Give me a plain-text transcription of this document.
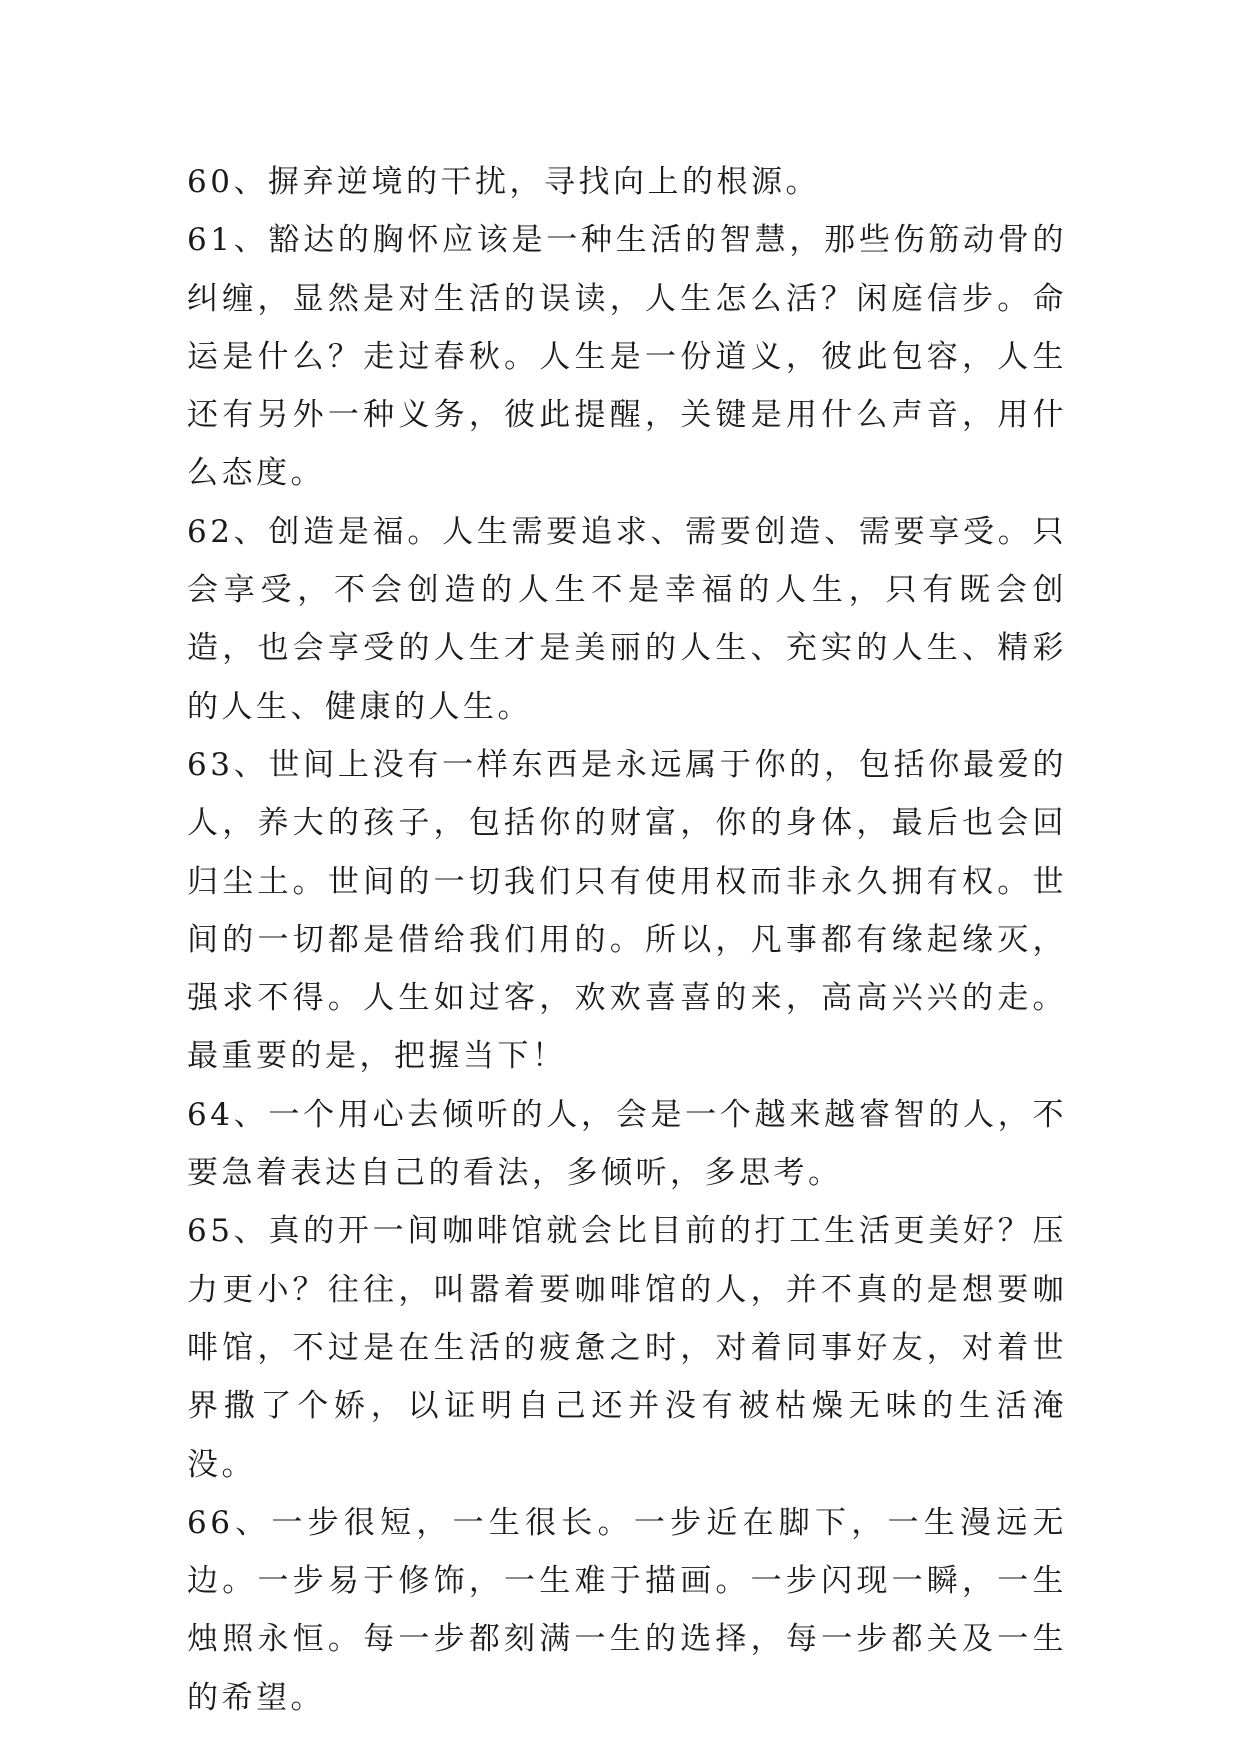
60、摒弃逆境的干扰，寻找向上的根源。

61、豁达的胸怀应该是一种生活的智慧，那些伤筋动骨的纠缠，显然是对生活的误读，人生怎么活？闲庭信步。命运是什么？走过春秋。人生是一份道义，彼此包容，人生还有另外一种义务，彼此提醒，关键是用什么声音，用什么态度。

62、创造是福。人生需要追求、需要创造、需要享受。只会享受，不会创造的人生不是幸福的人生，只有既会创造，也会享受的人生才是美丽的人生、充实的人生、精彩的人生、健康的人生。

63、世间上没有一样东西是永远属于你的，包括你最爱的人，养大的孩子，包括你的财富，你的身体，最后也会回归尘土。世间的一切我们只有使用权而非永久拥有权。世间的一切都是借给我们用的。所以，凡事都有缘起缘灭，强求不得。人生如过客，欢欢喜喜的来，高高兴兴的走。最重要的是，把握当下！

64、一个用心去倾听的人，会是一个越来越睿智的人，不要急着表达自己的看法，多倾听，多思考。

65、真的开一间咖啡馆就会比目前的打工生活更美好？压力更小？往往，叫嚣着要咖啡馆的人，并不真的是想要咖啡馆，不过是在生活的疲惫之时，对着同事好友，对着世界撒了个娇，以证明自己还并没有被枯燥无味的生活淹没。

66、一步很短，一生很长。一步近在脚下，一生漫远无边。一步易于修饰，一生难于描画。一步闪现一瞬，一生烛照永恒。每一步都刻满一生的选择，每一步都关及一生的希望。
